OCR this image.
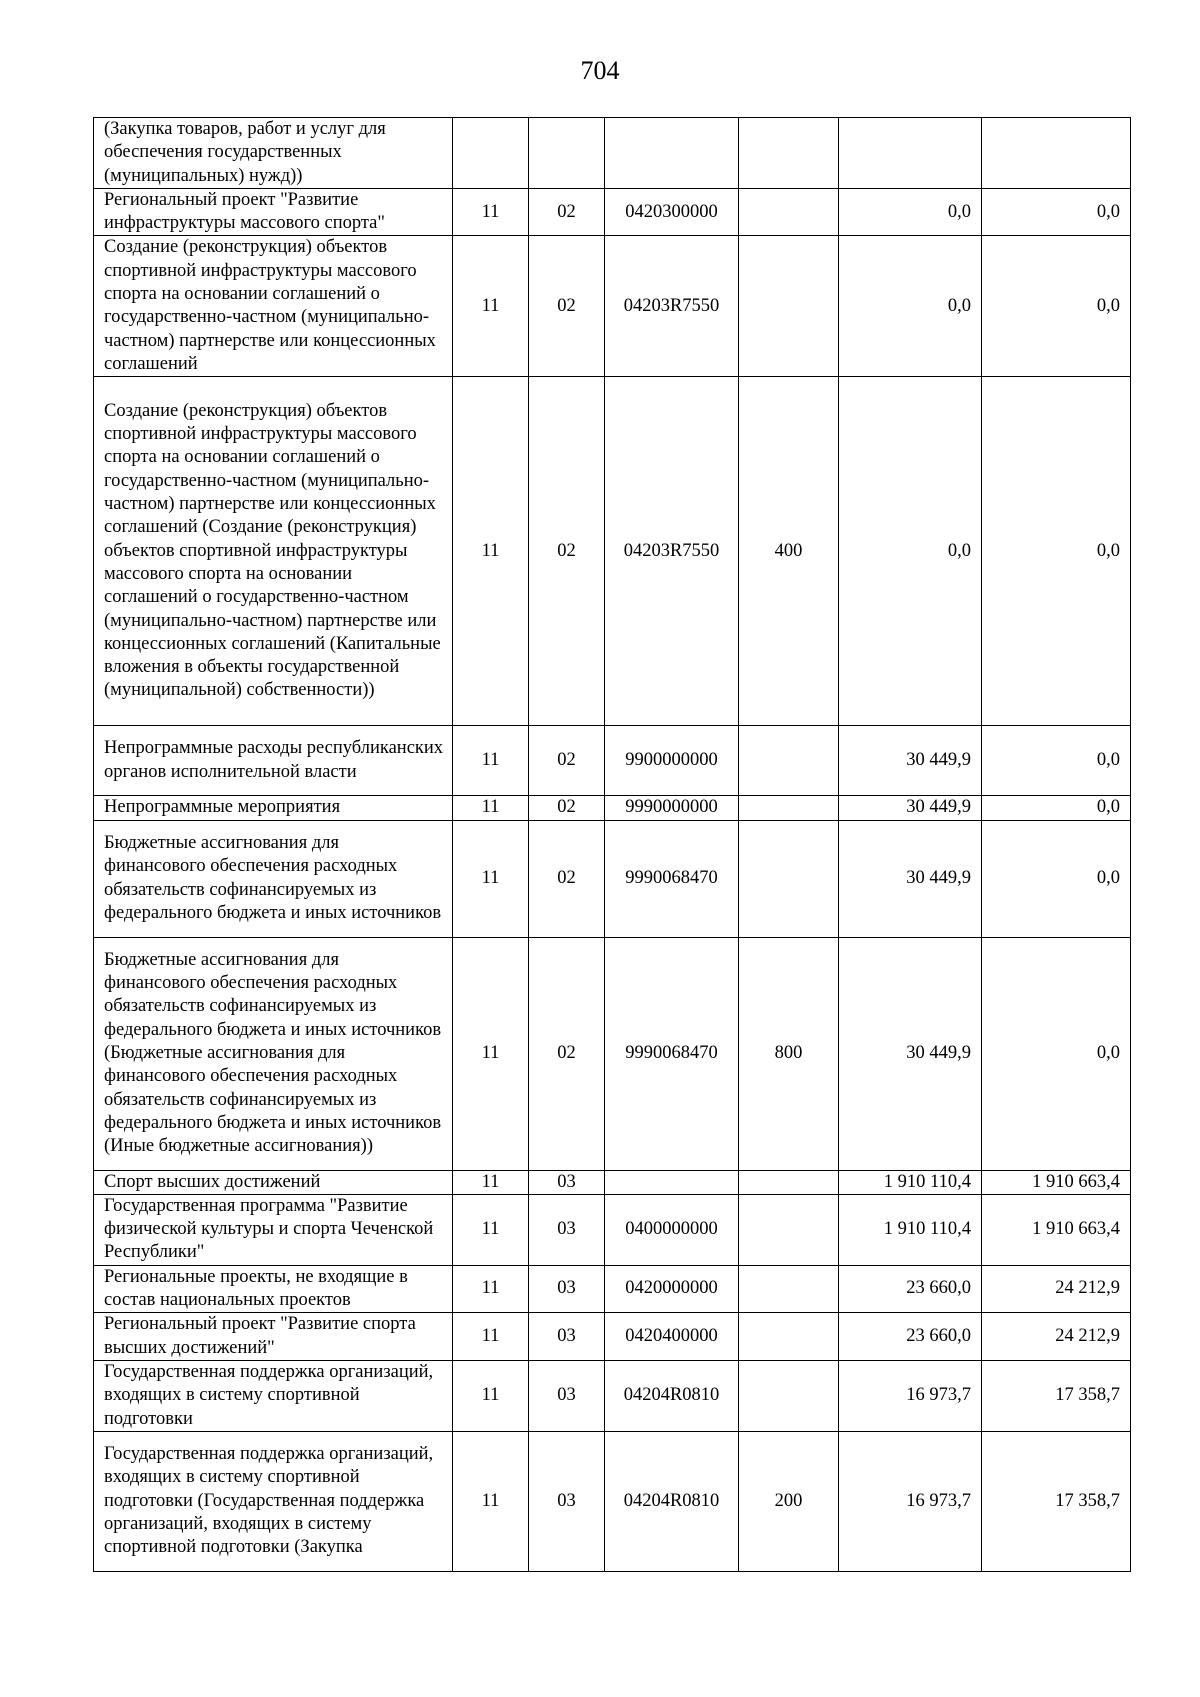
704
(Закупка товаров, работ и услуг для обеспечения государственных (муниципальных) нужд))						
Региональный проект "Развитие инфраструктуры массового спорта"	11	02	0420300000		0,0	0,0
Создание (реконструкция) объектов спортивной инфраструктуры массового спорта на основании соглашений о государственно-частном (муниципально-частном) партнерстве или концессионных соглашений	11	02	04203R7550		0,0	0,0
Создание (реконструкция) объектов спортивной инфраструктуры массового спорта на основании соглашений о государственно-частном (муниципально-частном) партнерстве или концессионных соглашений (Создание (реконструкция) объектов спортивной инфраструктуры массового спорта на основании соглашений о государственно-частном (муниципально-частном) партнерстве или концессионных соглашений (Капитальные вложения в объекты государственной (муниципальной) собственности))	11	02	04203R7550	400	0,0	0,0
Непрограммные расходы республиканских органов исполнительной власти	11	02	9900000000		30 449,9	0,0
Непрограммные мероприятия	11	02	9990000000		30 449,9	0,0
Бюджетные ассигнования для финансового обеспечения расходных обязательств софинансируемых из федерального бюджета и иных источников	11	02	9990068470		30 449,9	0,0
Бюджетные ассигнования для финансового обеспечения расходных обязательств софинансируемых из федерального бюджета и иных источников (Бюджетные ассигнования для финансового обеспечения расходных обязательств софинансируемых из федерального бюджета и иных источников (Иные бюджетные ассигнования))	11	02	9990068470	800	30 449,9	0,0
Спорт высших достижений	11	03			1 910 110,4	1 910 663,4
Государственная программа "Развитие физической культуры и спорта Чеченской Республики"	11	03	0400000000		1 910 110,4	1 910 663,4
Региональные проекты, не входящие в состав национальных проектов	11	03	0420000000		23 660,0	24 212,9
Региональный проект "Развитие спорта высших достижений"	11	03	0420400000		23 660,0	24 212,9
Государственная поддержка организаций, входящих в систему спортивной подготовки	11	03	04204R0810		16 973,7	17 358,7
Государственная поддержка организаций, входящих в систему спортивной подготовки (Государственная поддержка организаций, входящих в систему спортивной подготовки (Закупка	11	03	04204R0810	200	16 973,7	17 358,7
